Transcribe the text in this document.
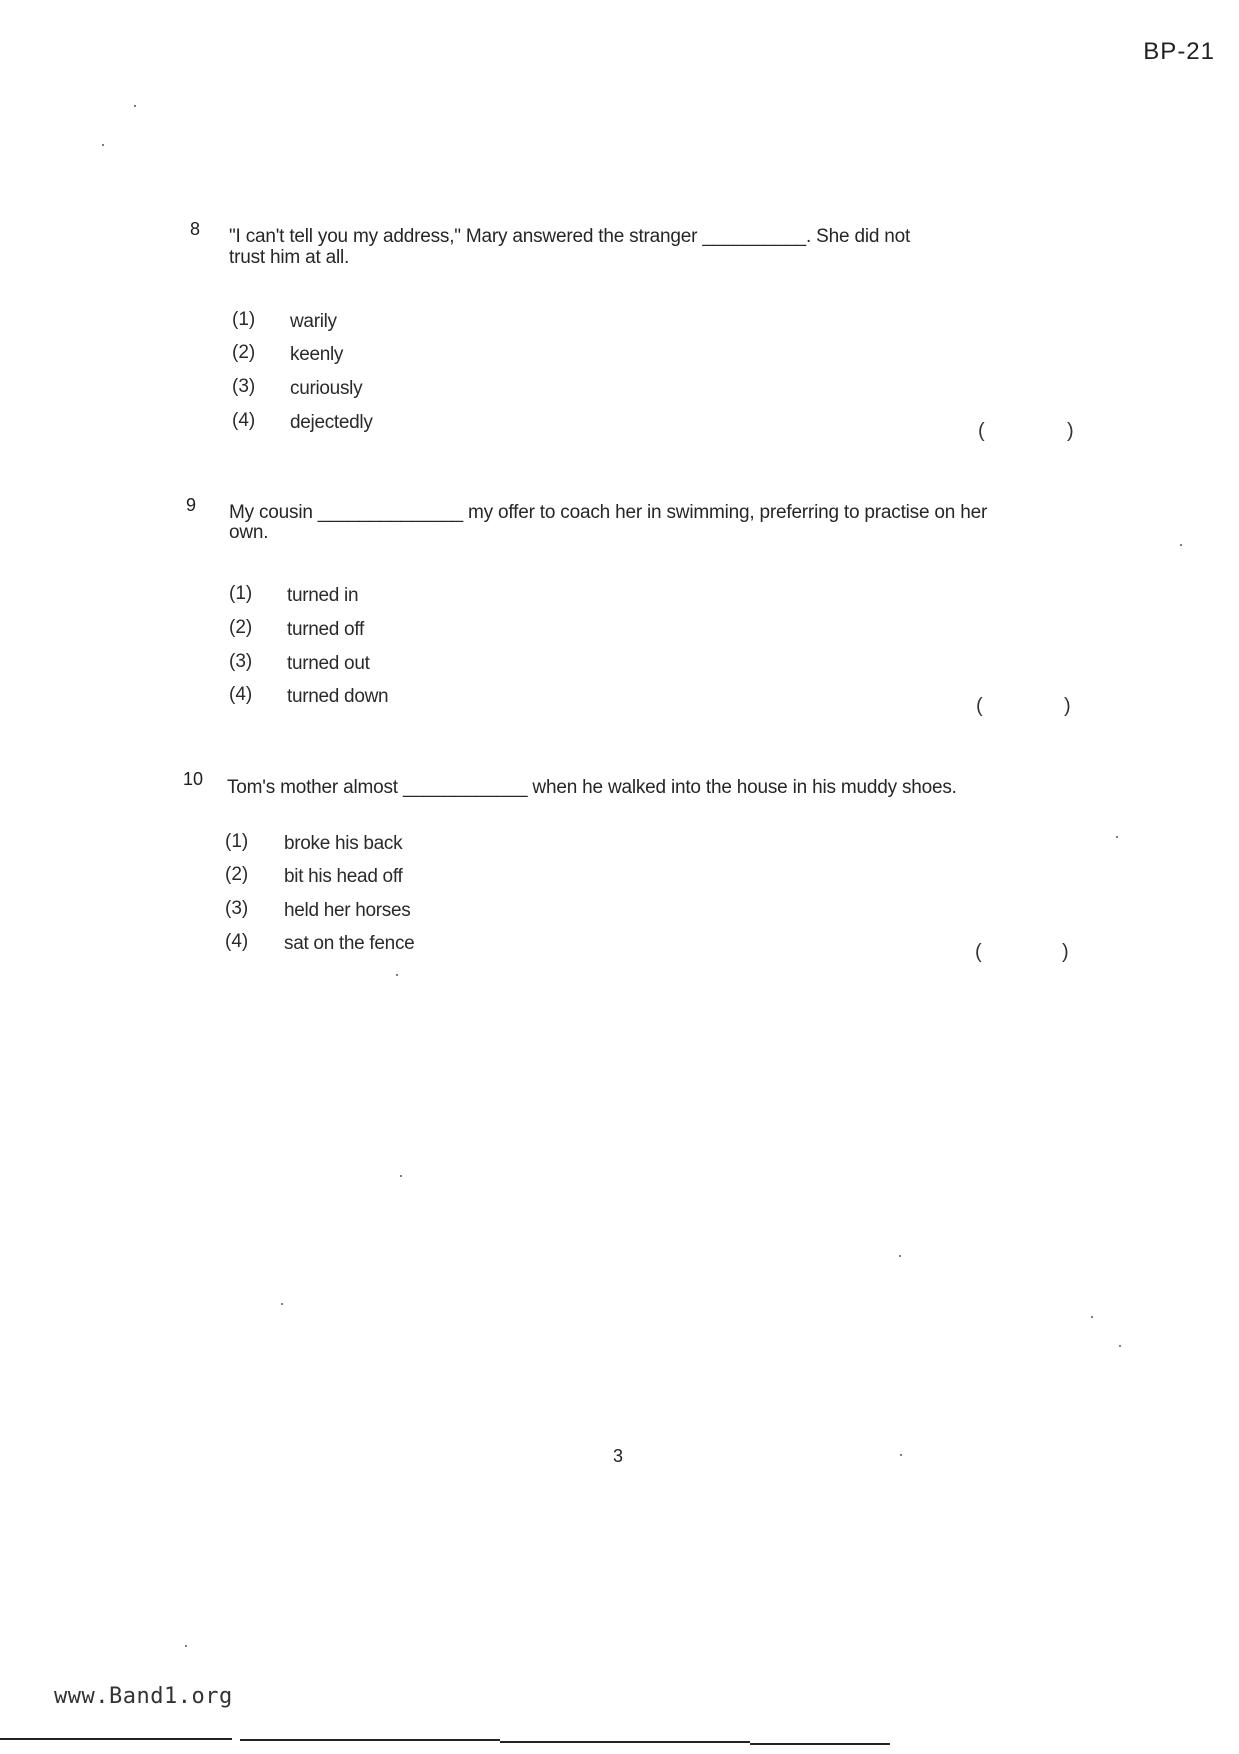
BP-21
8 "I can't tell you my address," Mary answered the stranger __________. She did not
trust him at all.
(1) warily
(2) keenly
(3) curiously
(4) dejectedly	(	)
9 My cousin ______________ my offer to coach her in swimming, preferring to practise on her
own.
(1) turned in
(2) turned off
(3) turned out
(4) turned down	(	)
10 Tom's mother almost ____________ when he walked into the house in his muddy shoes.
(1) broke his back
(2) bit his head off
(3) held her horses
(4) sat on the fence	(	)
3
www.Band1.org
